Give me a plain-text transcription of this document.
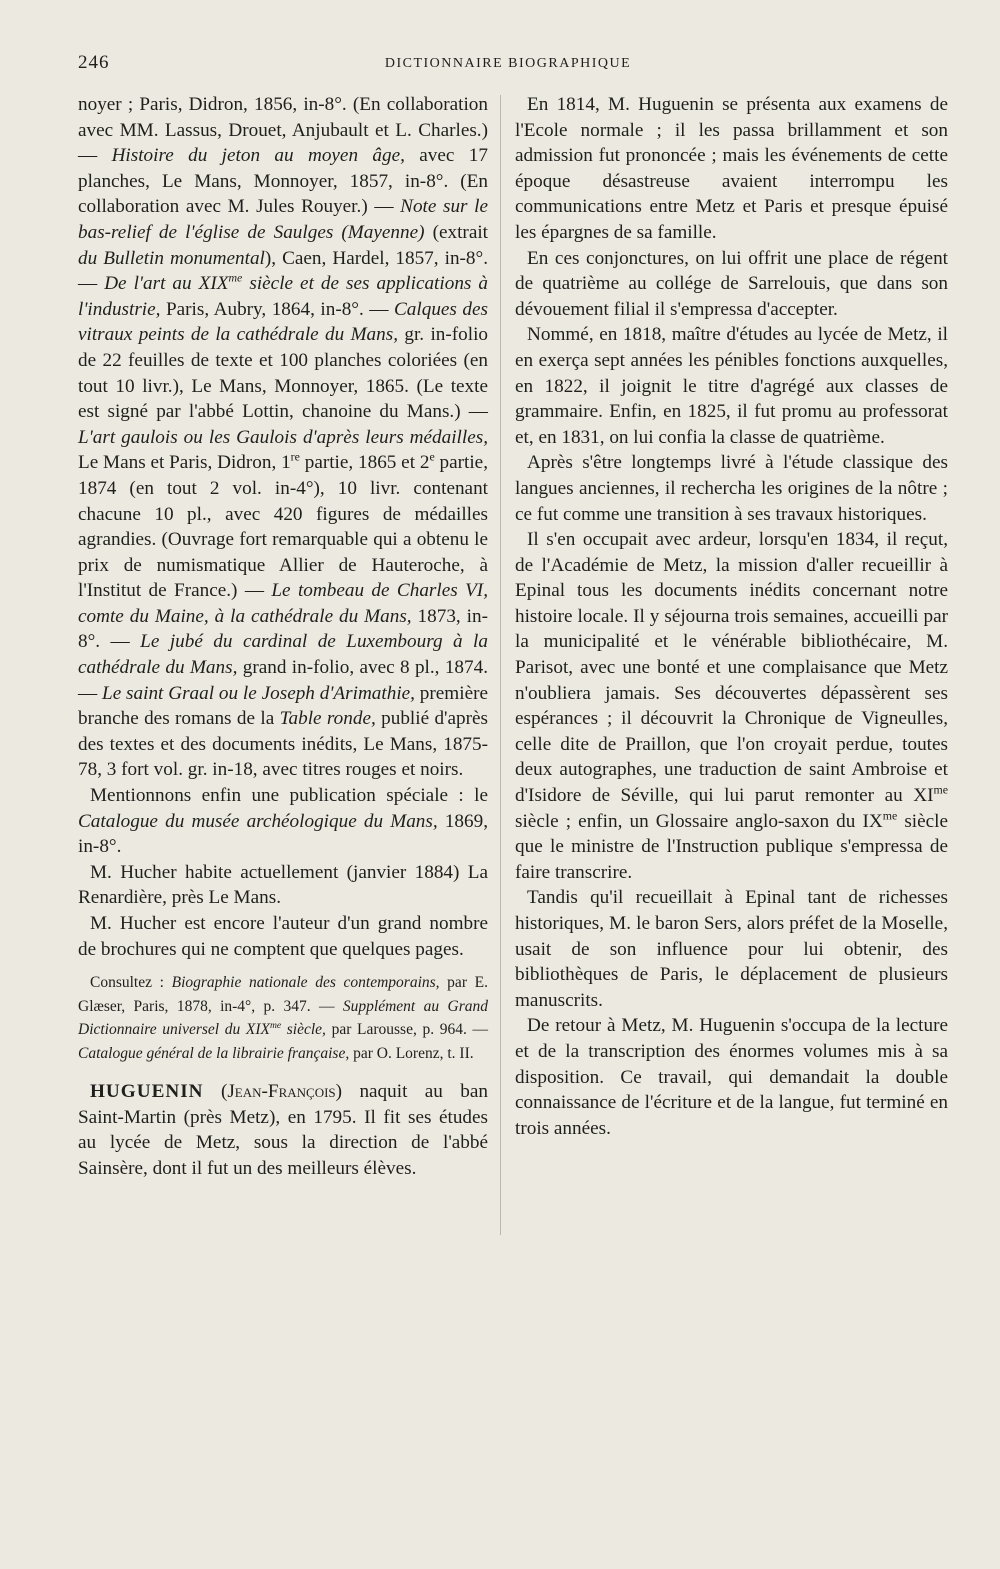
246	DICTIONNAIRE BIOGRAPHIQUE

noyer ; Paris, Didron, 1856, in-8°. (En collaboration avec MM. Lassus, Drouet, Anjubault et L. Charles.) — Histoire du jeton au moyen âge, avec 17 planches, Le Mans, Monnoyer, 1857, in-8°. (En collaboration avec M. Jules Rouyer.) — Note sur le bas-relief de l'église de Saulges (Mayenne) (extrait du Bulletin monumental), Caen, Hardel, 1857, in-8°. — De l'art au $XIX^{me}$ siècle et de ses applications à l'industrie, Paris, Aubry, 1864, in-8°. — Calques des vitraux peints de la cathédrale du Mans, gr. in-folio de 22 feuilles de texte et 100 planches coloriées (en tout 10 livr.), Le Mans, Monnoyer, 1865. (Le texte est signé par l'abbé Lottin, chanoine du Mans.) — L'art gaulois ou les Gaulois d'après leurs médailles, Le Mans et Paris, Didron, 1re partie, 1865 et 2e partie, 1874 (en tout 2 vol. in-4°), 10 livr. contenant chacune 10 pl., avec 420 figures de médailles agrandies. (Ouvrage fort remarquable qui a obtenu le prix de numismatique Allier de Hauteroche, à l'Institut de France.) — Le tombeau de Charles VI, comte du Maine, à la cathédrale du Mans, 1873, in-8°. — Le jubé du cardinal de Luxembourg à la cathédrale du Mans, grand in-folio, avec 8 pl., 1874. — Le saint Graal ou le Joseph d'Arimathie, première branche des romans de la Table ronde, publié d'après des textes et des documents inédits, Le Mans, 1875-78, 3 fort vol. gr. in-18, avec titres rouges et noirs.

Mentionnons enfin une publication spéciale : le Catalogue du musée archéologique du Mans, 1869, in-8°.

M. Hucher habite actuellement (janvier 1884) La Renardière, près Le Mans.

M. Hucher est encore l'auteur d'un grand nombre de brochures qui ne comptent que quelques pages.

Consultez : Biographie nationale des contemporains, par E. Glæser, Paris, 1878, in-4°, p. 347. — Supplément au Grand Dictionnaire universel du $XIX^{me}$ siècle, par Larousse, p. 964. — Catalogue général de la librairie française, par O. Lorenz, t. II.

HUGUENIN (Jean-François) naquit au ban Saint-Martin (près Metz), en 1795. Il fit ses études au lycée de Metz, sous la direction de l'abbé Sainsère, dont il fut un des meilleurs élèves.

En 1814, M. Huguenin se présenta aux examens de l'Ecole normale ; il les passa brillamment et son admission fut prononcée ; mais les événements de cette époque désastreuse avaient interrompu les communications entre Metz et Paris et presque épuisé les épargnes de sa famille.

En ces conjonctures, on lui offrit une place de régent de quatrième au collége de Sarrelouis, que dans son dévouement filial il s'empressa d'accepter.

Nommé, en 1818, maître d'études au lycée de Metz, il en exerça sept années les pénibles fonctions auxquelles, en 1822, il joignit le titre d'agrégé aux classes de grammaire. Enfin, en 1825, il fut promu au professorat et, en 1831, on lui confia la classe de quatrième.

Après s'être longtemps livré à l'étude classique des langues anciennes, il rechercha les origines de la nôtre ; ce fut comme une transition à ses travaux historiques.

Il s'en occupait avec ardeur, lorsqu'en 1834, il reçut, de l'Académie de Metz, la mission d'aller recueillir à Epinal tous les documents inédits concernant notre histoire locale. Il y séjourna trois semaines, accueilli par la municipalité et le vénérable bibliothécaire, M. Parisot, avec une bonté et une complaisance que Metz n'oubliera jamais. Ses découvertes dépassèrent ses espérances ; il découvrit la Chronique de Vigneulles, celle dite de Praillon, que l'on croyait perdue, toutes deux autographes, une traduction de saint Ambroise et d'Isidore de Séville, qui lui parut remonter au $XI^{me}$ siècle ; enfin, un Glossaire anglo-saxon du $IX^{me}$ siècle que le ministre de l'Instruction publique s'empressa de faire transcrire.

Tandis qu'il recueillait à Epinal tant de richesses historiques, M. le baron Sers, alors préfet de la Moselle, usait de son influence pour lui obtenir, des bibliothèques de Paris, le déplacement de plusieurs manuscrits.

De retour à Metz, M. Huguenin s'occupa de la lecture et de la transcription des énormes volumes mis à sa disposition. Ce travail, qui demandait la double connaissance de l'écriture et de la langue, fut terminé en trois années.
